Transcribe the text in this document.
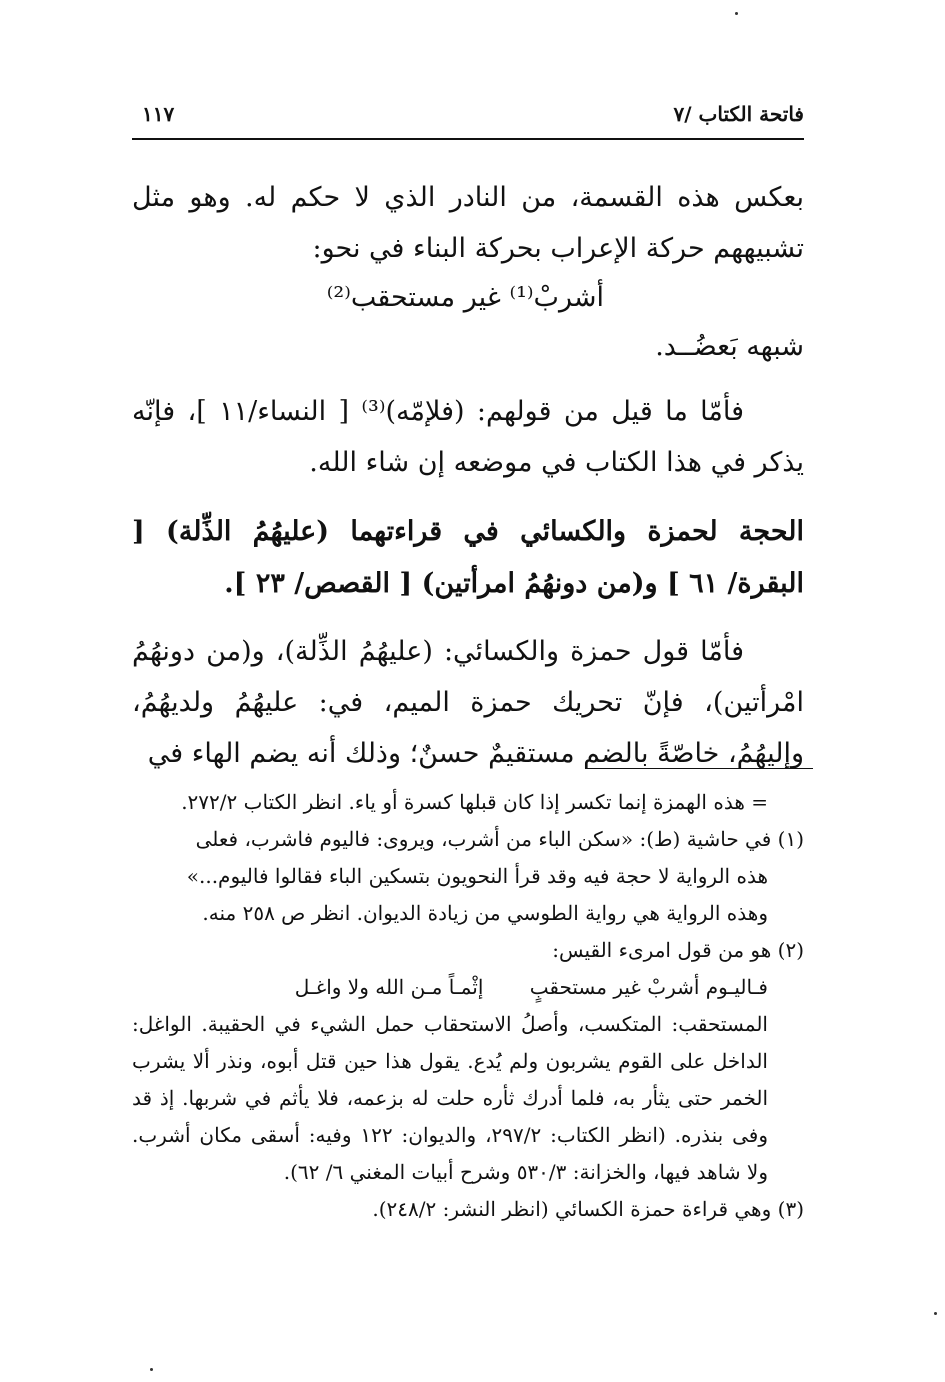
فاتحة الكتاب /٧
١١٧

بعكس هذه القسمة، من النادر الذي لا حكم له. وهو مثل تشبيههم حركة الإعراب بحركة البناء في نحو:

أشربْ⁽¹⁾ غير مستحقب⁽²⁾

شبهه بَعضُــد.

فأمّا ما قيل من قولهم: (فلإمّه)⁽³⁾ [ النساء/١١ ]، فإنّه يذكر في هذا الكتاب في موضعه إن شاء الله.

الحجة لحمزة والكسائي في قراءتهما (عليهُمُ الذِّلة) [ البقرة/ ٦١ ] و(من دونهُمُ امرأتين) [ القصص/ ٢٣ ].

فأمّا قول حمزة والكسائي: (عليهُمُ الذِّلة)، و(من دونهُمُ امْرأتين)، فإنّ تحريك حمزة الميم، في: عليهُمُ ولديهُمُ، وإليهُمُ، خاصّةً بالضم مستقيمٌ حسنٌ؛ وذلك أنه يضم الهاء في

= هذه الهمزة إنما تكسر إذا كان قبلها كسرة أو ياء. انظر الكتاب ٢٧٢/٢.

(١) في حاشية (ط): «سكن الباء من أشرب، ويروى: فاليوم فاشرب، فعلى

هذه الرواية لا حجة فيه وقد قرأ النحويون بتسكين الباء فقالوا فاليوم...»

وهذه الرواية هي رواية الطوسي من زيادة الديوان. انظر ص ٢٥٨ منه.

(٢) هو من قول امرىء القيس:

فـاليـوم أشربْ غير مستحقبٍ إثْمـاً مـن الله ولا واغـل

المستحقب: المتكسب، وأصلُ الاستحقاب حمل الشيء في الحقيبة. الواغل: الداخل على القوم يشربون ولم يُدع. يقول هذا حين قتل أبوه، ونذر ألا يشرب الخمر حتى يثأر به، فلما أدرك ثأره حلت له بزعمه، فلا يأثم في شربها. إذ قد وفى بنذره. (انظر الكتاب: ٢٩٧/٢، والديوان: ١٢٢ وفيه: أسقى مكان أشرب. ولا شاهد فيها، والخزانة: ٥٣٠/٣ وشرح أبيات المغني ٦/ ٦٢).

(٣) وهي قراءة حمزة الكسائي (انظر النشر: ٢٤٨/٢).
